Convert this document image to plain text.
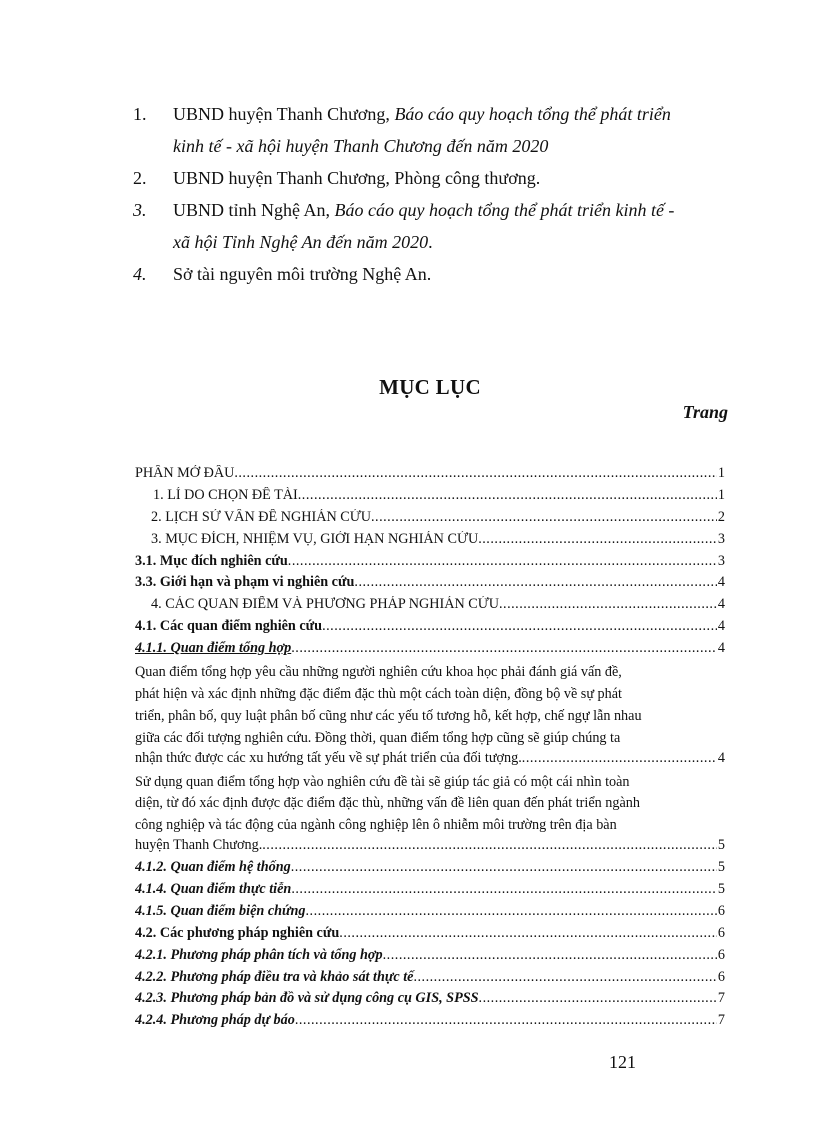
1.	UBND huyện Thanh Chương, Báo cáo quy hoạch tổng thể phát triển
kinh tế - xã hội huyện Thanh Chương đến năm 2020
2.	UBND huyện Thanh Chương, Phòng công thương.
3.	UBND tỉnh Nghệ An, Báo cáo quy hoạch tổng thể phát triển kinh tế -
xã hội Tỉnh Nghệ An đến năm 2020.
4.	Sở tài nguyên môi trường Nghệ An.
MỤC LỤC
Trang
PHẦN MỞ ĐẦU .....	1
1. LÍ DO CHỌN ĐỀ TÀI .....	1
2. LỊCH SỬ VẤN ĐỀ NGHIÁN CỨU .....	2
3. MỤC ĐÍCH, NHIỆM VỤ, GIỚI HẠN NGHIÁN CỨU .....	3
3.1. Mục đích nghiên cứu .....	3
3.3. Giới hạn và phạm vi nghiên cứu .....	4
4. CÁC QUAN ĐIỂM VÀ PHƯƠNG PHÁP NGHIÁN CỨU .....	4
4.1. Các quan điểm nghiên cứu .....	4
4.1.1. Quan điểm tổng hợp .....	4
Quan điểm tổng hợp yêu cầu những người nghiên cứu khoa học phải đánh giá vấn đề,
phát hiện và xác định những đặc điểm đặc thù một cách toàn diện, đồng bộ về sự phát
triển, phân bố, quy luật phân bố cũng như các yếu tố tương hỗ, kết hợp, chế ngự lẫn nhau
giữa các đối tượng nghiên cứu. Đồng thời, quan điểm tổng hợp cũng sẽ giúp chúng ta
nhận thức được các xu hướng tất yếu về sự phát triển của đối tượng. .....	4
Sử dụng quan điểm tổng hợp vào nghiên cứu đề tài sẽ giúp tác giả có một cái nhìn toàn
diện, từ đó xác định được đặc điểm đặc thù, những vấn đề liên quan đến phát triển ngành
công nghiệp và tác động của ngành công nghiệp lên ô nhiễm môi trường trên địa bàn
huyện Thanh Chương. .....	5
4.1.2. Quan điểm hệ thống .....	5
4.1.4. Quan điểm thực tiễn .....	5
4.1.5. Quan điểm biện chứng .....	6
4.2. Các phương pháp nghiên cứu .....	6
4.2.1. Phương pháp phân tích và tổng hợp .....	6
4.2.2. Phương pháp điều tra và khảo sát thực tế .....	6
4.2.3. Phương pháp bản đồ và sử dụng công cụ GIS, SPSS .....	7
4.2.4. Phương pháp dự báo .....	7
121
